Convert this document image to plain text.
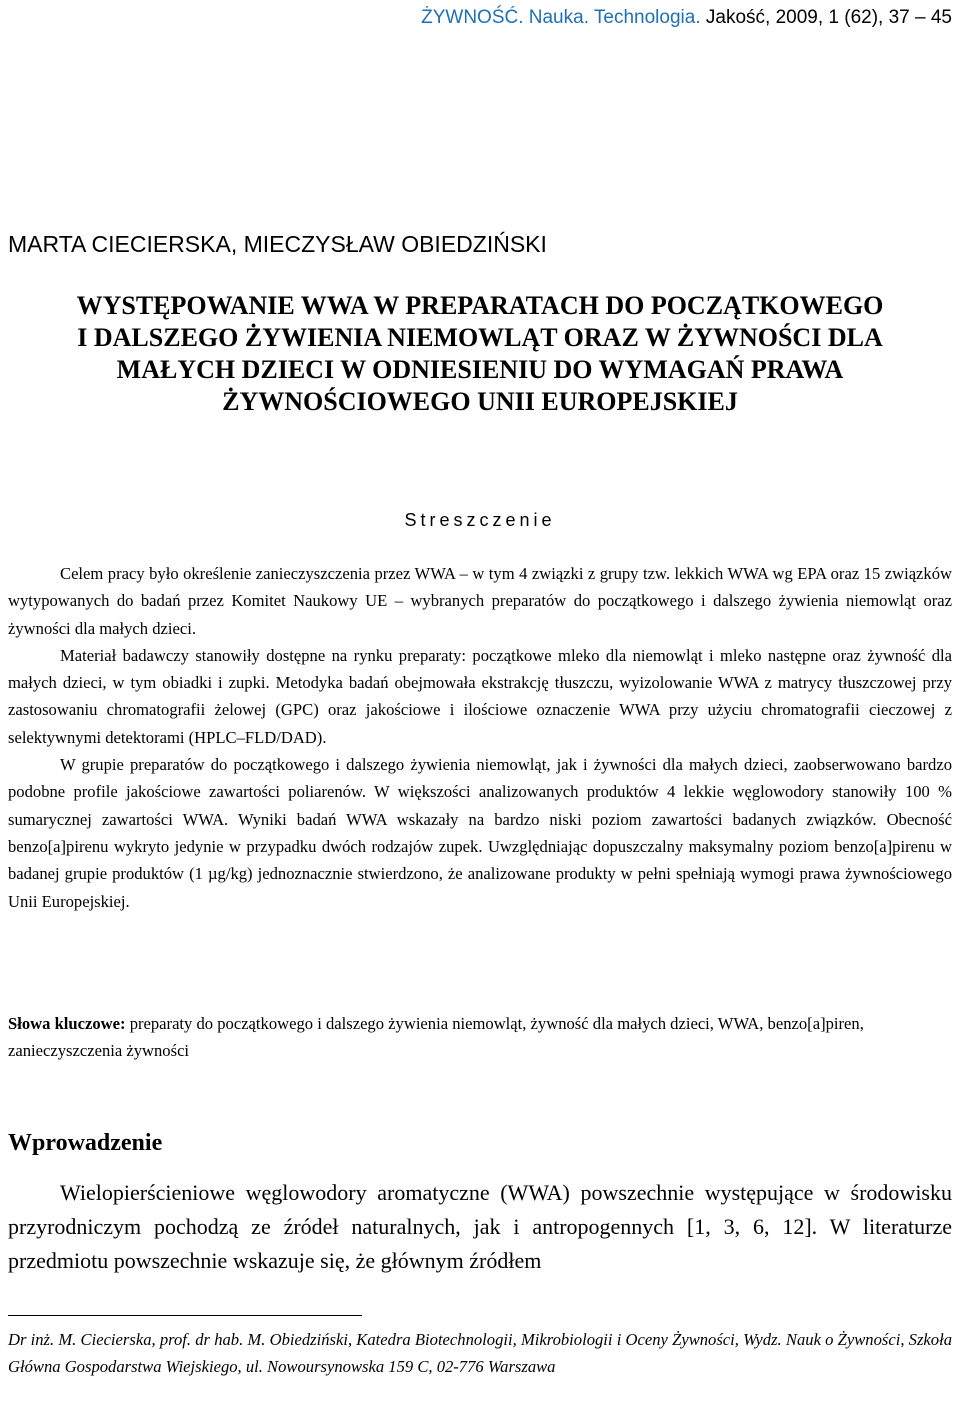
ŻYWNOŚĆ. Nauka. Technologia. Jakość, 2009, 1 (62), 37 – 45
MARTA CIECIERSKA, MIECZYSŁAW OBIEDZIŃSKI
WYSTĘPOWANIE WWA W PREPARATACH DO POCZĄTKOWEGO
I DALSZEGO ŻYWIENIA NIEMOWLĄT ORAZ W ŻYWNOŚCI DLA
MAŁYCH DZIECI W ODNIESIENIU DO WYMAGAŃ PRAWA
ŻYWNOŚCIOWEGO UNII EUROPEJSKIEJ
Streszczenie

Celem pracy było określenie zanieczyszczenia przez WWA – w tym 4 związki z grupy tzw. lekkich WWA wg EPA oraz 15 związków wytypowanych do badań przez Komitet Naukowy UE – wybranych preparatów do początkowego i dalszego żywienia niemowląt oraz żywności dla małych dzieci.

Materiał badawczy stanowiły dostępne na rynku preparaty: początkowe mleko dla niemowląt i mleko następne oraz żywność dla małych dzieci, w tym obiadki i zupki. Metodyka badań obejmowała ekstrakcję tłuszczu, wyizolowanie WWA z matrycy tłuszczowej przy zastosowaniu chromatografii żelowej (GPC) oraz jakościowe i ilościowe oznaczenie WWA przy użyciu chromatografii cieczowej z selektywnymi detektorami (HPLC–FLD/DAD).

W grupie preparatów do początkowego i dalszego żywienia niemowląt, jak i żywności dla małych dzieci, zaobserwowano bardzo podobne profile jakościowe zawartości poliarenów. W większości analizowanych produktów 4 lekkie węglowodory stanowiły 100 % sumarycznej zawartości WWA. Wyniki badań WWA wskazały na bardzo niski poziom zawartości badanych związków. Obecność benzo[a]pirenu wykryto jedynie w przypadku dwóch rodzajów zupek. Uwzględniając dopuszczalny maksymalny poziom benzo[a]pirenu w badanej grupie produktów (1 µg/kg) jednoznacznie stwierdzono, że analizowane produkty w pełni spełniają wymogi prawa żywnościowego Unii Europejskiej.

Słowa kluczowe: preparaty do początkowego i dalszego żywienia niemowląt, żywność dla małych dzieci, WWA, benzo[a]piren, zanieczyszczenia żywności
Wprowadzenie

Wielopierścieniowe węglowodory aromatyczne (WWA) powszechnie występujące w środowisku przyrodniczym pochodzą ze źródeł naturalnych, jak i antropogennych [1, 3, 6, 12]. W literaturze przedmiotu powszechnie wskazuje się, że głównym źródłem

Dr inż. M. Ciecierska, prof. dr hab. M. Obiedziński, Katedra Biotechnologii, Mikrobiologii i Oceny Żywności, Wydz. Nauk o Żywności, Szkoła Główna Gospodarstwa Wiejskiego, ul. Nowoursynowska 159 C, 02-776 Warszawa
